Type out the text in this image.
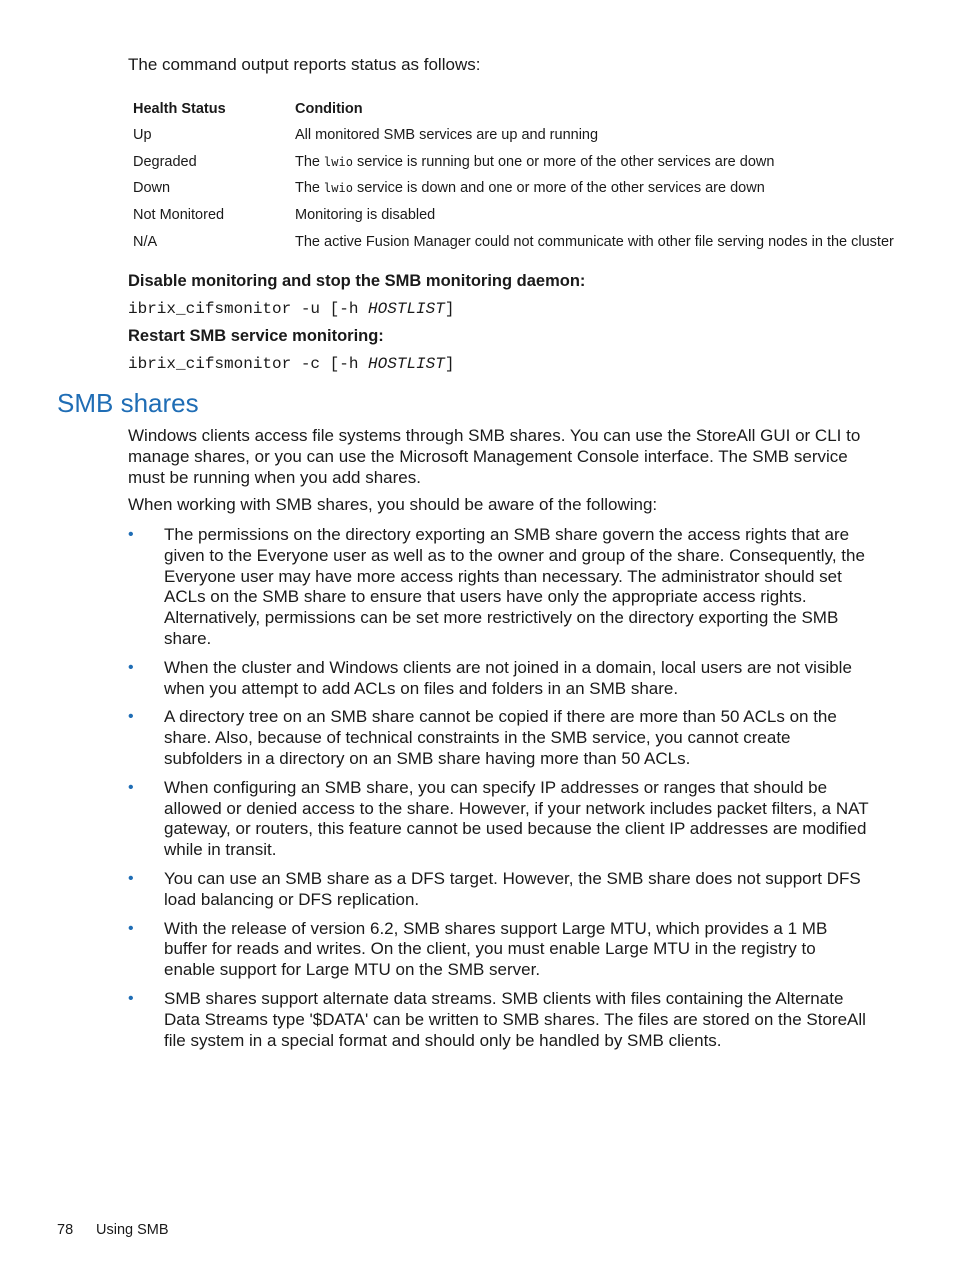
The command output reports status as follows:
Health Status	Condition
Up	All monitored SMB services are up and running
Degraded	The lwio service is running but one or more of the other services are down
Down	The lwio service is down and one or more of the other services are down
Not Monitored	Monitoring is disabled
N/A	The active Fusion Manager could not communicate with other file serving nodes in the cluster
Disable monitoring and stop the SMB monitoring daemon:
ibrix_cifsmonitor -u [-h HOSTLIST]
Restart SMB service monitoring:
ibrix_cifsmonitor -c [-h HOSTLIST]
SMB shares
Windows clients access file systems through SMB shares. You can use the StoreAll GUI or CLI to manage shares, or you can use the Microsoft Management Console interface. The SMB service must be running when you add shares.
When working with SMB shares, you should be aware of the following:
• The permissions on the directory exporting an SMB share govern the access rights that are given to the Everyone user as well as to the owner and group of the share. Consequently, the Everyone user may have more access rights than necessary. The administrator should set ACLs on the SMB share to ensure that users have only the appropriate access rights. Alternatively, permissions can be set more restrictively on the directory exporting the SMB share.
• When the cluster and Windows clients are not joined in a domain, local users are not visible when you attempt to add ACLs on files and folders in an SMB share.
• A directory tree on an SMB share cannot be copied if there are more than 50 ACLs on the share. Also, because of technical constraints in the SMB service, you cannot create subfolders in a directory on an SMB share having more than 50 ACLs.
• When configuring an SMB share, you can specify IP addresses or ranges that should be allowed or denied access to the share. However, if your network includes packet filters, a NAT gateway, or routers, this feature cannot be used because the client IP addresses are modified while in transit.
• You can use an SMB share as a DFS target. However, the SMB share does not support DFS load balancing or DFS replication.
• With the release of version 6.2, SMB shares support Large MTU, which provides a 1 MB buffer for reads and writes. On the client, you must enable Large MTU in the registry to enable support for Large MTU on the SMB server.
• SMB shares support alternate data streams. SMB clients with files containing the Alternate Data Streams type '$DATA' can be written to SMB shares. The files are stored on the StoreAll file system in a special format and should only be handled by SMB clients.
78 Using SMB
